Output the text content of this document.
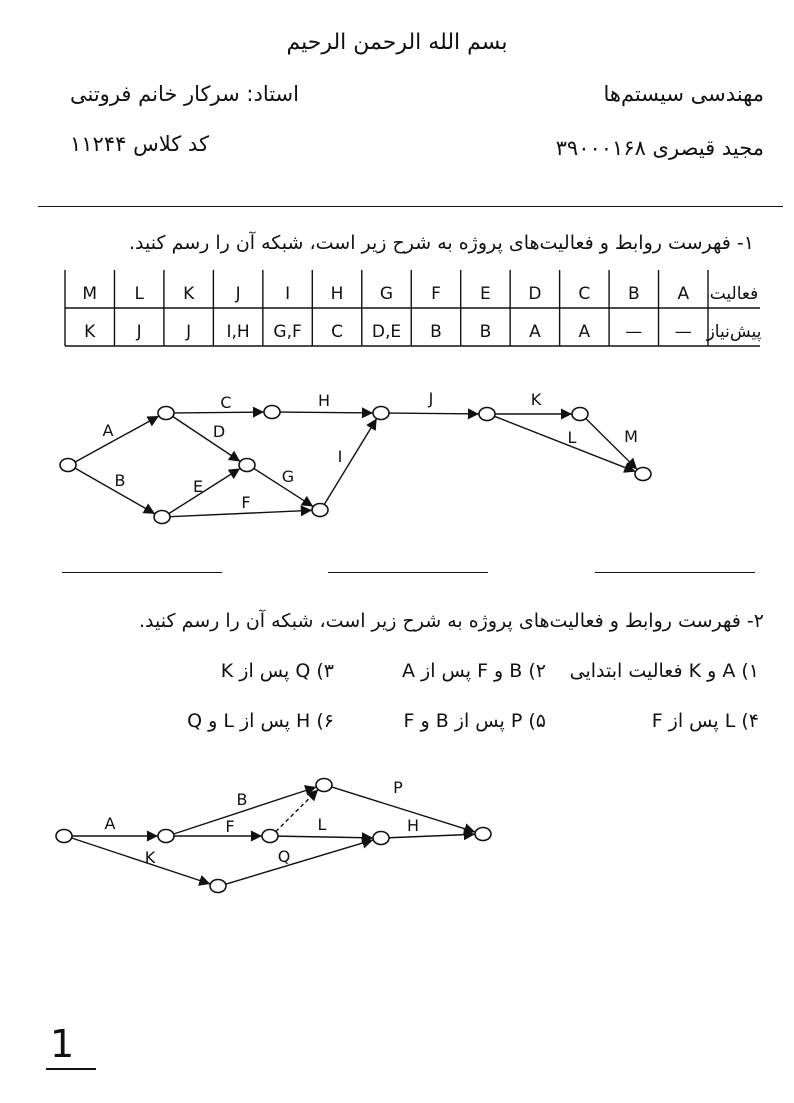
بسم الله الرحمن الرحیم
مهندسی سیستم‌ها
مجید قیصری ۳۹۰۰۰۱۶۸
استاد: سرکار خانم فروتنی
کد کلاس ۱۱۲۴۴
۱- فهرست روابط و فعالیت‌های پروژه به شرح زیر است، شبکه آن را رسم کنید.
فعالیت
پیش‌نیاز
A
—
B
—
C
A
D
A
E
B
F
B
G
D,E
H
C
I
G,F
J
I,H
K
J
L
J
M
K
A
B
C
D
E
F
G
H
I
J	K
L	M
۲- فهرست روابط و فعالیت‌های پروژه به شرح زیر است، شبکه آن را رسم کنید.
۱) A و K فعالیت ابتدایی
۲) B و F پس از A
۳) Q پس از K
۴) L پس از F
۵) P پس از B و F
۶) H پس از L و Q
A
B
F
K
L
Q
P
H
1
